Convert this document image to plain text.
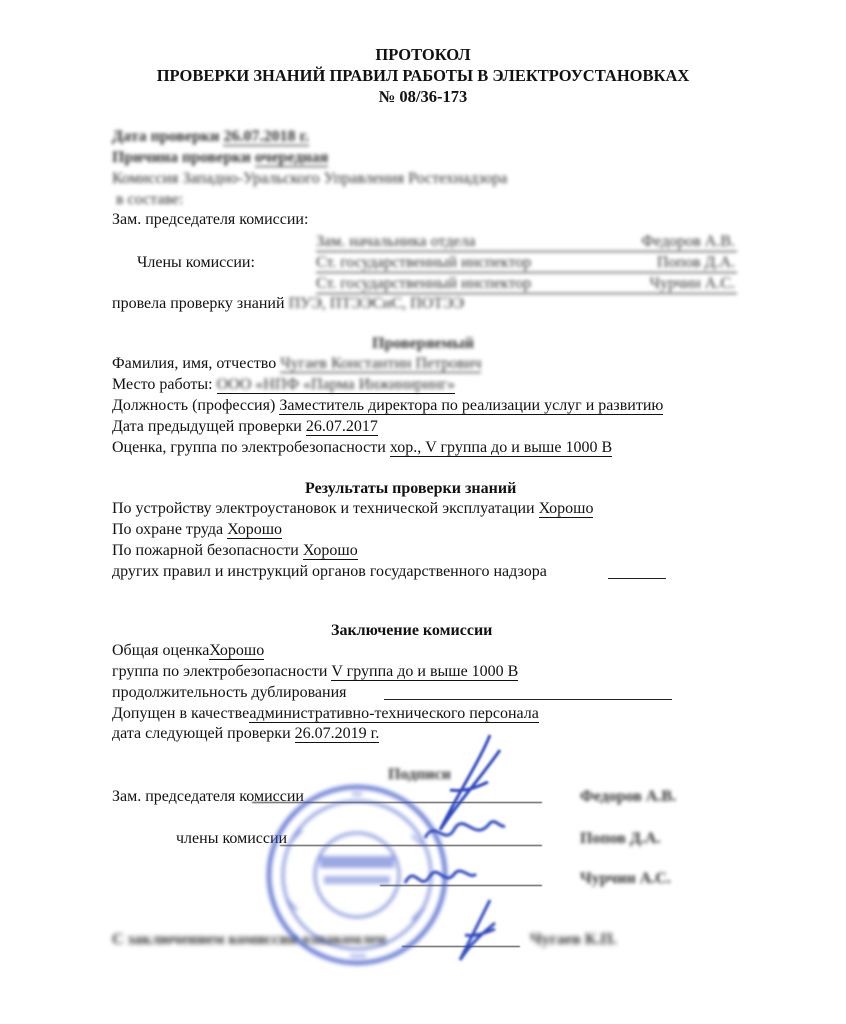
ПРОТОКОЛ
ПРОВЕРКИ ЗНАНИЙ ПРАВИЛ РАБОТЫ В ЭЛЕКТРОУСТАНОВКАХ
№ 08/36-173
Дата проверки 26.07.2018 г.
Причина проверки очередная
Комиссия Западно-Уральского Управления Ростехнадзора
в составе:
Зам. председателя комиссии:
Зам. начальника отдела	Федоров А.В.
Члены комиссии:	Ст. государственный инспектор	Попов Д.А.
Ст. государственный инспектор	Чурчин А.С.
провела проверку знаний ПУЭ, ПТЭЭСиС, ПОТЭЭ
Проверяемый
Фамилия, имя, отчество Чугаев Константин Петрович
Место работы: ООО «НПФ «Парма Инжиниринг»
Должность (профессия) Заместитель директора по реализации услуг и развитию
Дата предыдущей проверки 26.07.2017
Оценка, группа по электробезопасности хор., V группа до и выше 1000 В
Результаты проверки знаний
По устройству электроустановок и технической эксплуатации Хорошо
По охране труда Хорошо
По пожарной безопасности Хорошо
других правил и инструкций органов государственного надзора
Заключение комиссии
Общая оценкаХорошо
группа по электробезопасности V группа до и выше 1000 В
продолжительность дублирования
Допущен в качествеадминистративно-технического персонала
дата следующей проверки 26.07.2019 г.
Подписи
Зам. председателя комиссии	Федоров А.В.
члены комиссии	Попов Д.А.
Чурчин А.С.
С заключением комиссии ознакомлен	Чугаев К.П.
